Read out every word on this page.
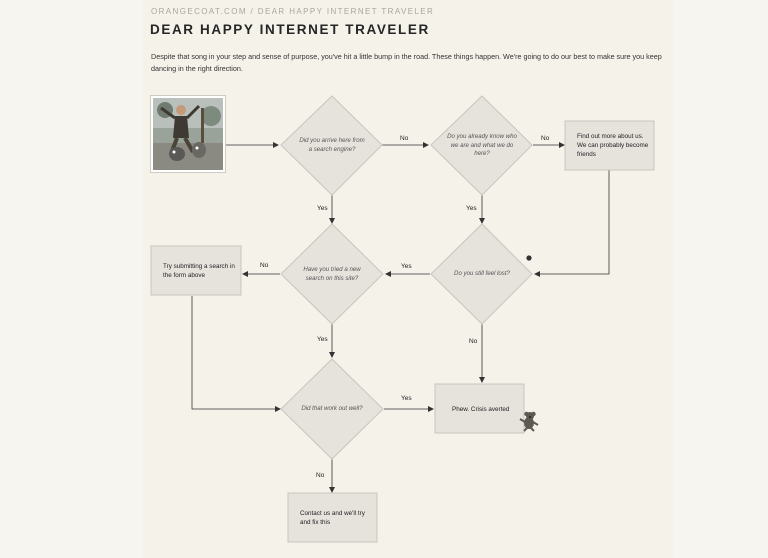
ORANGECOAT.COM / DEAR HAPPY INTERNET TRAVELER
DEAR HAPPY INTERNET TRAVELER

Despite that song in your step and sense of purpose, you've hit a little bump in the road. These things happen. We're going to do our best to make sure you keep dancing in the right direction.

Did you arrive here from a search engine?
Do you already know who we are and what we do here?
Do you still feel lost?
Have you tried a new search on this site?
Did that work out well?
Find out more about us. We can probably become friends
Try submitting a search in the form above
Phew. Crisis averted
Contact us and we'll try and fix this
No	No
Yes	Yes
Yes
No
Yes	No
Yes
No
